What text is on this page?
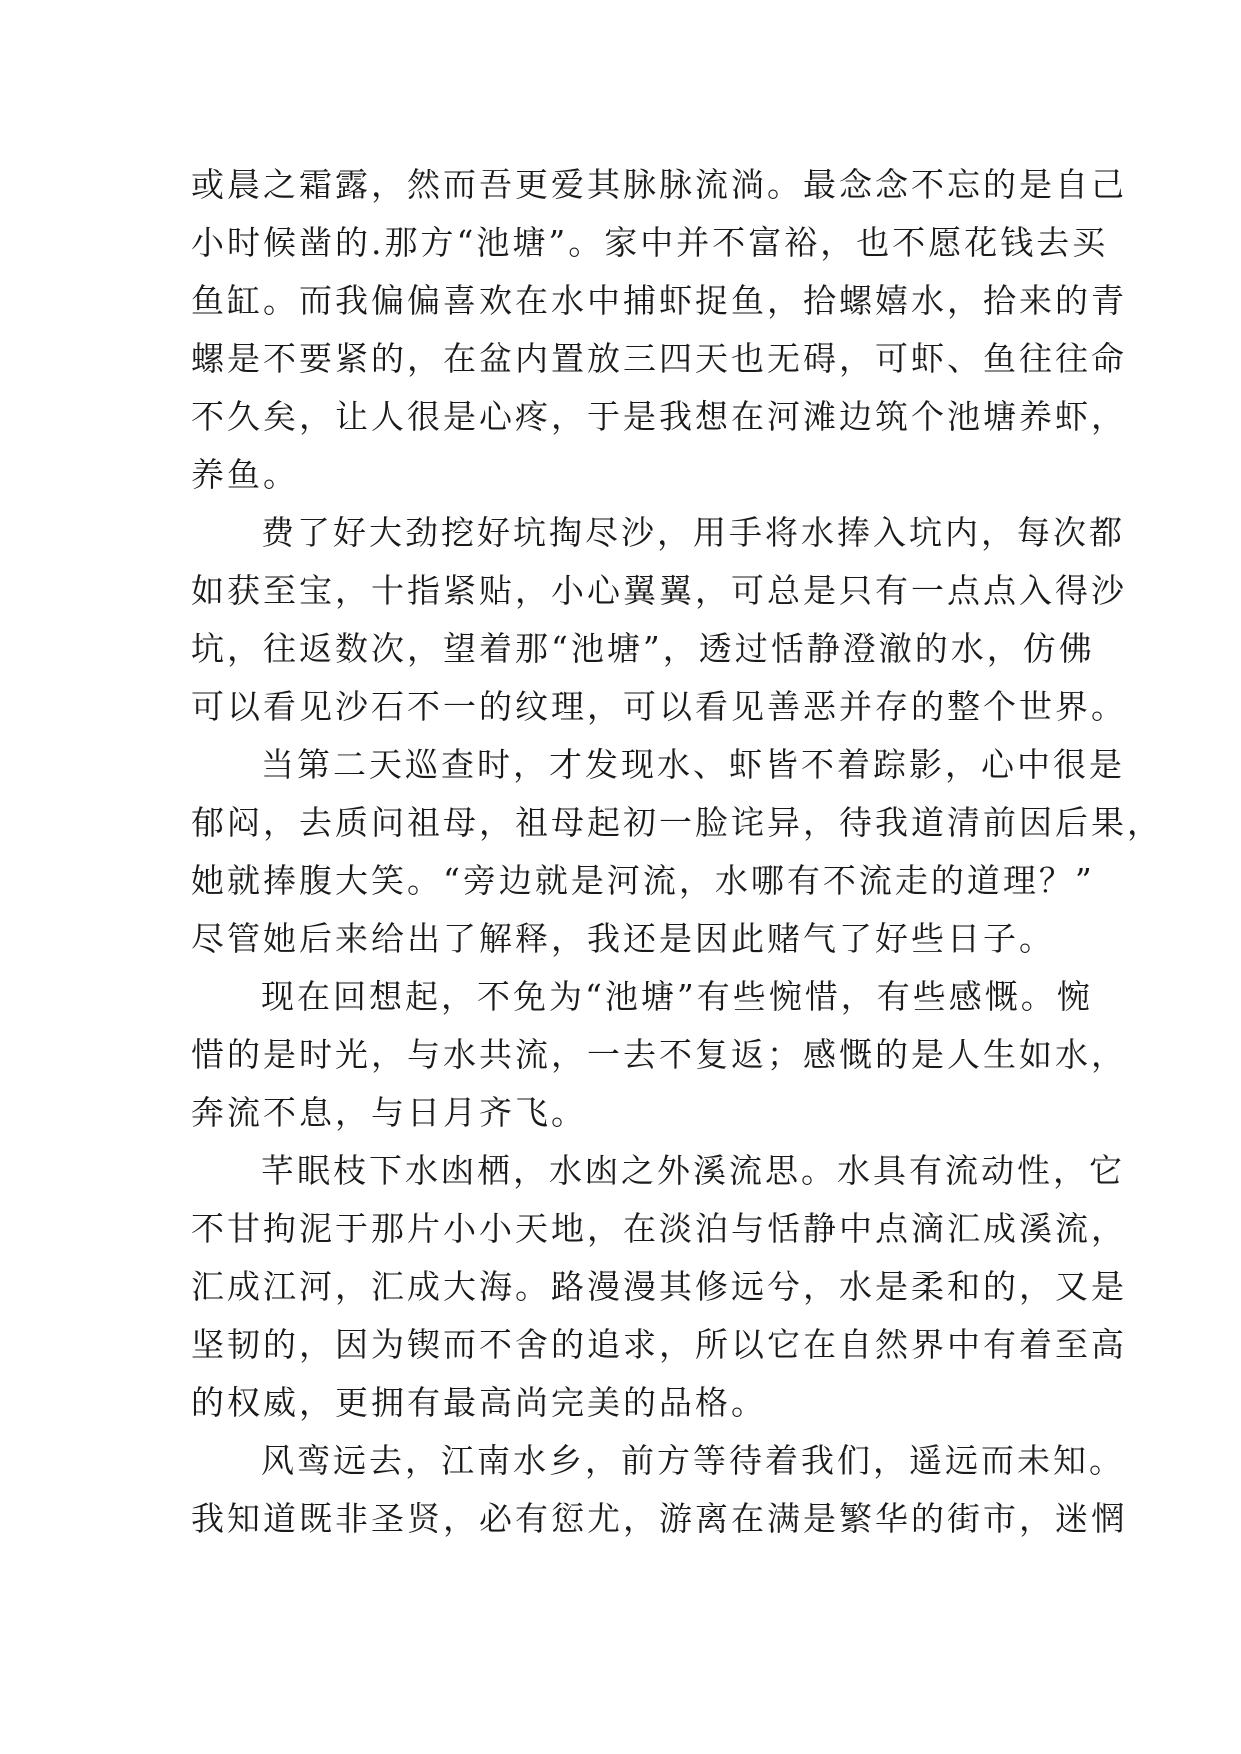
或晨之霜露，然而吾更爱其脉脉流淌。最念念不忘的是自己
小时候凿的.那方“池塘”。家中并不富裕，也不愿花钱去买
鱼缸。而我偏偏喜欢在水中捕虾捉鱼，拾螺嬉水，拾来的青
螺是不要紧的，在盆内置放三四天也无碍，可虾、鱼往往命
不久矣，让人很是心疼，于是我想在河滩边筑个池塘养虾，
养鱼。
费了好大劲挖好坑掏尽沙，用手将水捧入坑内，每次都
如获至宝，十指紧贴，小心翼翼，可总是只有一点点入得沙
坑，往返数次，望着那“池塘”，透过恬静澄澈的水，仿佛
可以看见沙石不一的纹理，可以看见善恶并存的整个世界。
当第二天巡查时，才发现水、虾皆不着踪影，心中很是
郁闷，去质问祖母，祖母起初一脸诧异，待我道清前因后果，
她就捧腹大笑。“旁边就是河流，水哪有不流走的道理？”
尽管她后来给出了解释，我还是因此赌气了好些日子。
现在回想起，不免为“池塘”有些惋惜，有些感慨。惋
惜的是时光，与水共流，一去不复返；感慨的是人生如水，
奔流不息，与日月齐飞。
芊眠枝下水凼栖，水凼之外溪流思。水具有流动性，它
不甘拘泥于那片小小天地，在淡泊与恬静中点滴汇成溪流，
汇成江河，汇成大海。路漫漫其修远兮，水是柔和的，又是
坚韧的，因为锲而不舍的追求，所以它在自然界中有着至高
的权威，更拥有最高尚完美的品格。
风鸾远去，江南水乡，前方等待着我们，遥远而未知。
我知道既非圣贤，必有愆尤，游离在满是繁华的街市，迷惘
